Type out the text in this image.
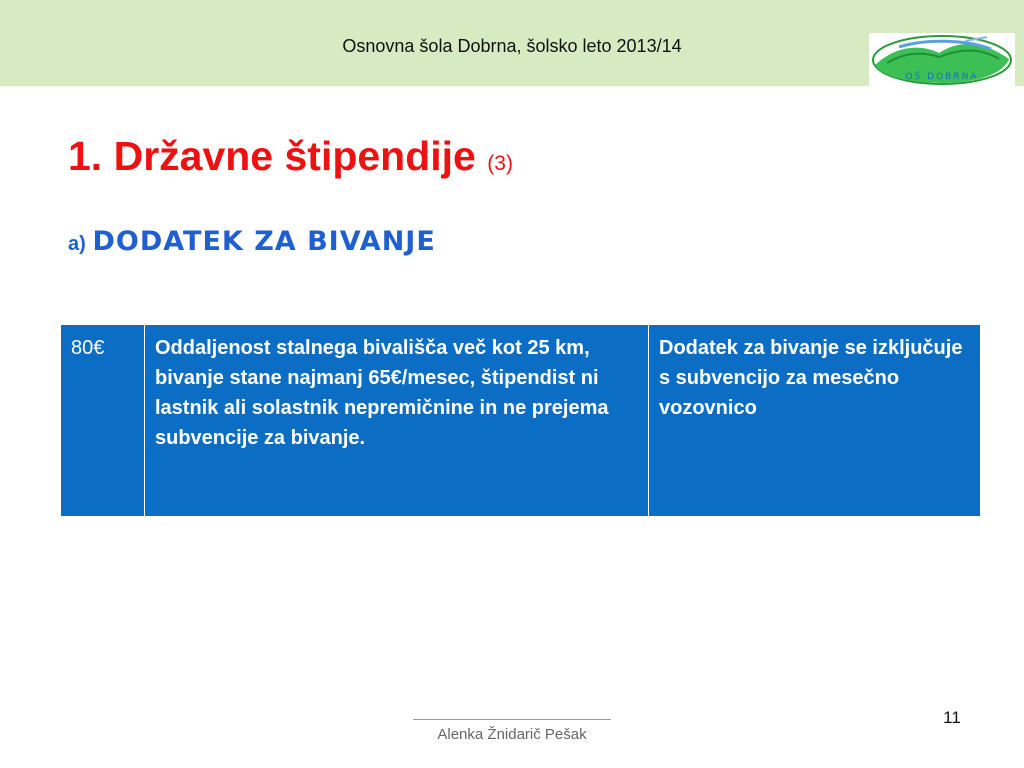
Osnovna šola Dobrna, šolsko leto 2013/14
OŠ DOBRNA
1. Državne štipendije (3)
a) DODATEK ZA BIVANJE
80€	Oddaljenost stalnega bivališča več kot 25 km, bivanje stane najmanj 65€/mesec, štipendist ni lastnik ali solastnik nepremičnine in ne prejema subvencije za bivanje.	Dodatek za bivanje se izključuje s subvencijo za mesečno vozovnico
Alenka Žnidarič Pešak
11
